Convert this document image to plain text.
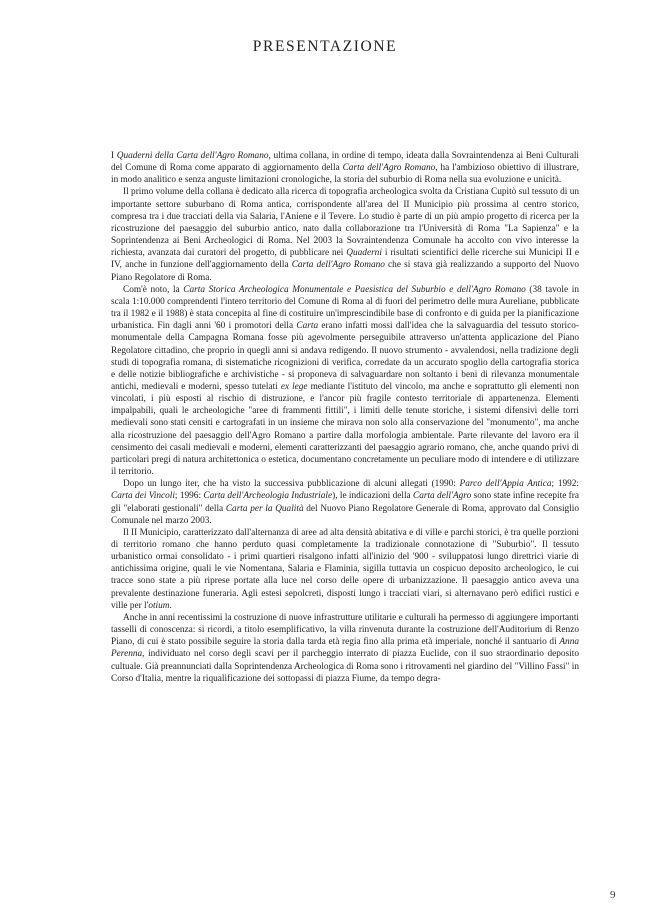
PRESENTAZIONE

I Quaderni della Carta dell'Agro Romano, ultima collana, in ordine di tempo, ideata dalla Sovraintendenza ai Beni Culturali del Comune di Roma come apparato di aggiornamento della Carta dell'Agro Romano, ha l'ambizioso obiettivo di illustrare, in modo analitico e senza anguste limitazioni cronologiche, la storia del suburbio di Roma nella sua evoluzione e unicità.

Il primo volume della collana è dedicato alla ricerca di topografia archeologica svolta da Cristiana Cupitò sul tessuto di un importante settore suburbano di Roma antica, corrispondente all'area del II Municipio più prossima al centro storico, compresa tra i due tracciati della via Salaria, l'Aniene e il Tevere. Lo studio è parte di un più ampio progetto di ricerca per la ricostruzione del paesaggio del suburbio antico, nato dalla collaborazione tra l'Università di Roma "La Sapienza" e la Soprintendenza ai Beni Archeologici di Roma. Nel 2003 la Sovraintendenza Comunale ha accolto con vivo interesse la richiesta, avanzata dai curatori del progetto, di pubblicare nei Quaderni i risultati scientifici delle ricerche sui Municipi II e IV, anche in funzione dell'aggiornamento della Carta dell'Agro Romano che si stava già realizzando a supporto del Nuovo Piano Regolatore di Roma.

Com'è noto, la Carta Storica Archeologica Monumentale e Paesistica del Suburbio e dell'Agro Romano (38 tavole in scala 1:10.000 comprendenti l'intero territorio del Comune di Roma al di fuori del perimetro delle mura Aureliane, pubblicate tra il 1982 e il 1988) è stata concepita al fine di costituire un'imprescindibile base di confronto e di guida per la pianificazione urbanistica. Fin dagli anni '60 i promotori della Carta erano infatti mossi dall'idea che la salvaguardia del tessuto storico-monumentale della Campagna Romana fosse più agevolmente perseguibile attraverso un'attenta applicazione del Piano Regolatore cittadino, che proprio in quegli anni si andava redigendo. Il nuovo strumento - avvalendosi, nella tradizione degli studi di topografia romana, di sistematiche ricognizioni di verifica, corredate da un accurato spoglio della cartografia storica e delle notizie bibliografiche e archivistiche - si proponeva di salvaguardare non soltanto i beni di rilevanza monumentale antichi, medievali e moderni, spesso tutelati ex lege mediante l'istituto del vincolo, ma anche e soprattutto gli elementi non vincolati, i più esposti al rischio di distruzione, e l'ancor più fragile contesto territoriale di appartenenza. Elementi impalpabili, quali le archeologiche "aree di frammenti fittili", i limiti delle tenute storiche, i sistemi difensivi delle torri medievali sono stati censiti e cartografati in un insieme che mirava non solo alla conservazione del "monumento", ma anche alla ricostruzione del paesaggio dell'Agro Romano a partire dalla morfologia ambientale. Parte rilevante del lavoro era il censimento dei casali medievali e moderni, elementi caratterizzanti del paesaggio agrario romano, che, anche quando privi di particolari pregi di natura architettonica o estetica, documentano concretamente un peculiare modo di intendere e di utilizzare il territorio.

Dopo un lungo iter, che ha visto la successiva pubblicazione di alcuni allegati (1990: Parco dell'Appia Antica; 1992: Carta dei Vincoli; 1996: Carta dell'Archeologia Industriale), le indicazioni della Carta dell'Agro sono state infine recepite fra gli "elaborati gestionali" della Carta per la Qualità del Nuovo Piano Regolatore Generale di Roma, approvato dal Consiglio Comunale nel marzo 2003.

Il II Municipio, caratterizzato dall'alternanza di aree ad alta densità abitativa e di ville e parchi storici, è tra quelle porzioni di territorio romano che hanno perduto quasi completamente la tradizionale connotazione di "Suburbio". Il tessuto urbanistico ormai consolidato - i primi quartieri risalgono infatti all'inizio del '900 - sviluppatosi lungo direttrici viarie di antichissima origine, quali le vie Nomentana, Salaria e Flaminia, sigilla tuttavia un cospicuo deposito archeologico, le cui tracce sono state a più riprese portate alla luce nel corso delle opere di urbanizzazione. Il paesaggio antico aveva una prevalente destinazione funeraria. Agli estesi sepolcreti, disposti lungo i tracciati viari, si alternavano però edifici rustici e ville per l'otium.

Anche in anni recentissimi la costruzione di nuove infrastrutture utilitarie e culturali ha permesso di aggiungere importanti tasselli di conoscenza: si ricordi, a titolo esemplificativo, la villa rinvenuta durante la costruzione dell'Auditorium di Renzo Piano, di cui è stato possibile seguire la storia dalla tarda età regia fino alla prima età imperiale, nonché il santuario di Anna Perenna, individuato nel corso degli scavi per il parcheggio interrato di piazza Euclide, con il suo straordinario deposito cultuale. Già preannunciati dalla Soprintendenza Archeologica di Roma sono i ritrovamenti nel giardino del "Villino Fassi" in Corso d'Italia, mentre la riqualificazione dei sottopassi di piazza Fiume, da tempo degra-

9
